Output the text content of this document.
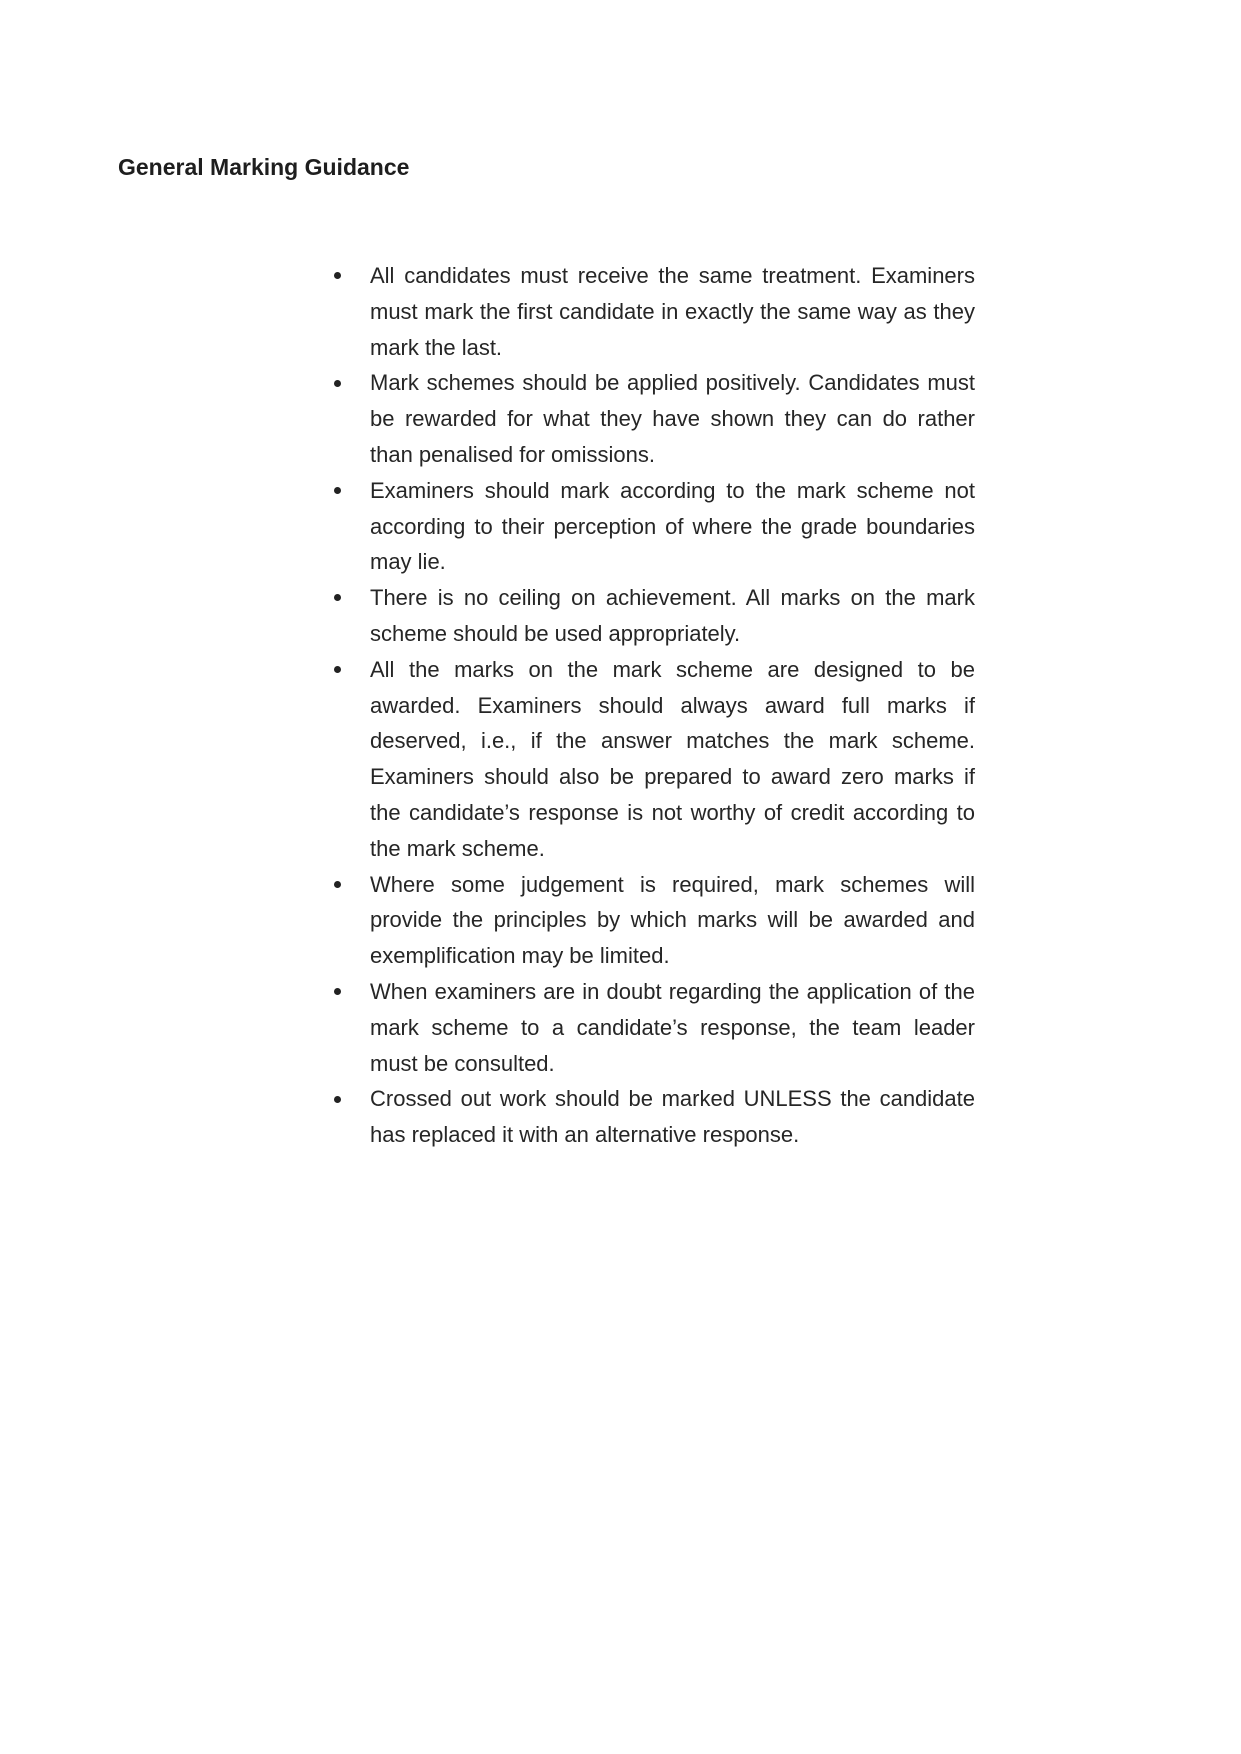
General Marking Guidance
All candidates must receive the same treatment. Examiners must mark the first candidate in exactly the same way as they mark the last.
Mark schemes should be applied positively. Candidates must be rewarded for what they have shown they can do rather than penalised for omissions.
Examiners should mark according to the mark scheme not according to their perception of where the grade boundaries may lie.
There is no ceiling on achievement. All marks on the mark scheme should be used appropriately.
All the marks on the mark scheme are designed to be awarded. Examiners should always award full marks if deserved, i.e., if the answer matches the mark scheme. Examiners should also be prepared to award zero marks if the candidate’s response is not worthy of credit according to the mark scheme.
Where some judgement is required, mark schemes will provide the principles by which marks will be awarded and exemplification may be limited.
When examiners are in doubt regarding the application of the mark scheme to a candidate’s response, the team leader must be consulted.
Crossed out work should be marked UNLESS the candidate has replaced it with an alternative response.
